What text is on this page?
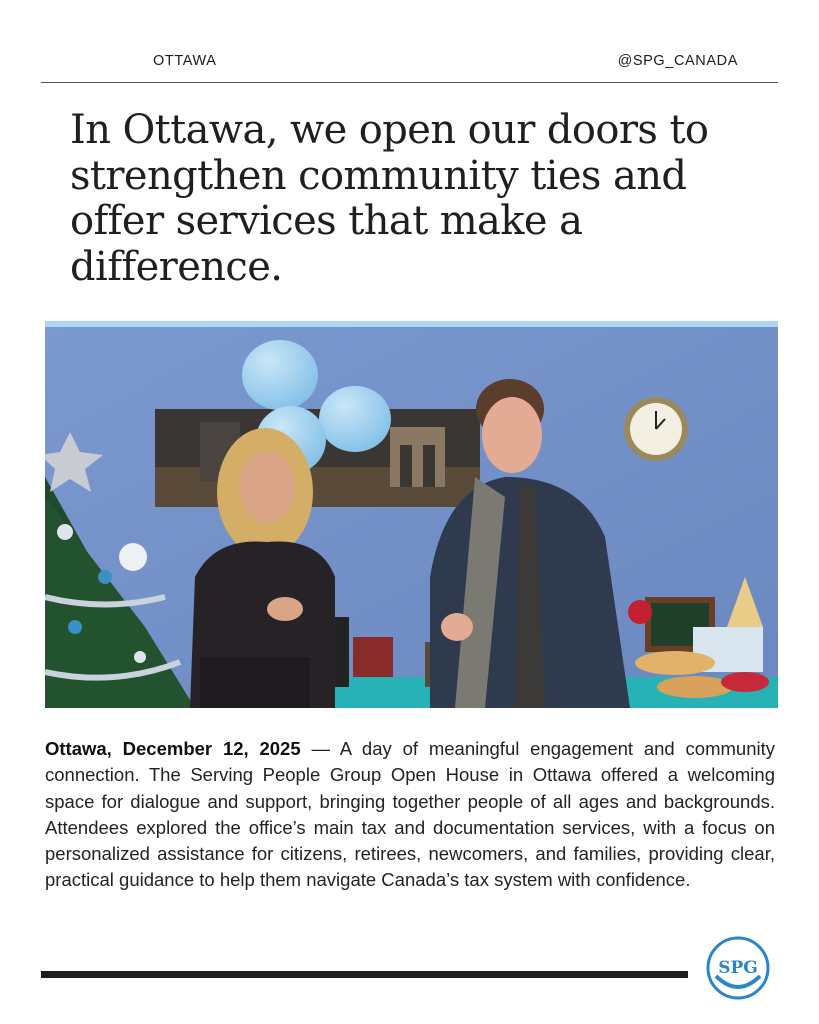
OTTAWA	@SPG_CANADA
In Ottawa, we open our doors to strengthen community ties and offer services that make a difference.

Ottawa, December 12, 2025 — A day of meaningful engagement and community connection. The Serving People Group Open House in Ottawa offered a welcoming space for dialogue and support, bringing together people of all ages and backgrounds. Attendees explored the office’s main tax and documentation services, with a focus on personalized assistance for citizens, retirees, newcomers, and families, providing clear, practical guidance to help them navigate Canada’s tax system with confidence.

SPG
